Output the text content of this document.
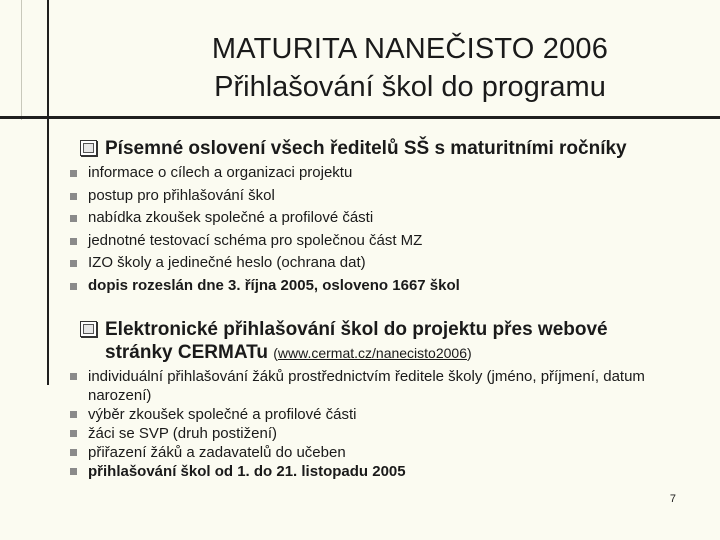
MATURITA NANEČISTO 2006
Přihlašování škol do programu
Písemné oslovení všech ředitelů SŠ s maturitními ročníky
informace o cílech a organizaci projektu
postup pro přihlašování škol
nabídka zkoušek společné a profilové části
jednotné testovací schéma pro společnou část MZ
IZO školy a jedinečné heslo (ochrana dat)
dopis rozeslán dne 3. října 2005, osloveno 1667 škol
Elektronické přihlašování škol do projektu přes webové
stránky CERMATu (www.cermat.cz/nanecisto2006)
individuální přihlašování žáků prostřednictvím ředitele školy (jméno, příjmení, datum narození)
výběr zkoušek společné a profilové části
žáci se SVP (druh postižení)
přiřazení žáků a zadavatelů do učeben
přihlašování škol od 1. do 21. listopadu 2005
7
